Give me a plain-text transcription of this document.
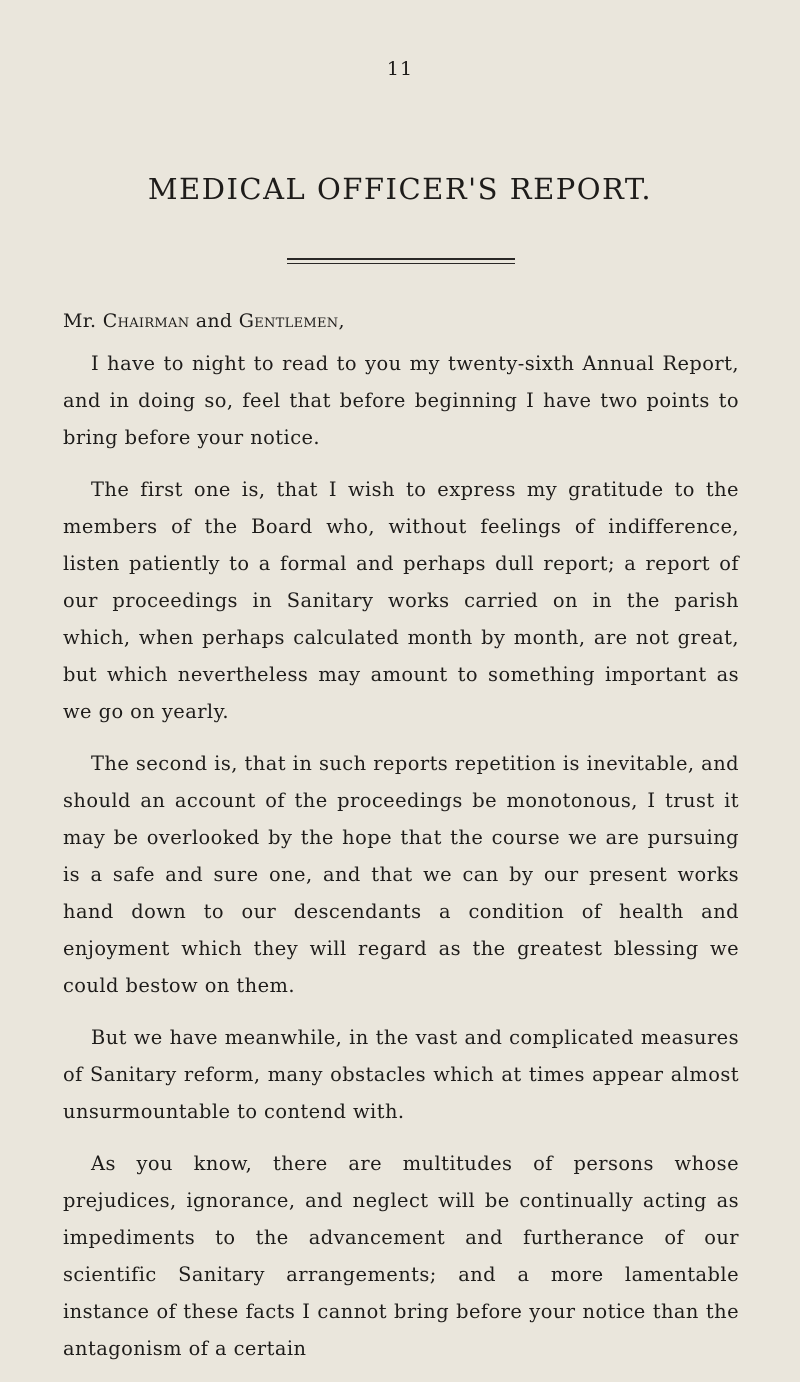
11
MEDICAL OFFICER'S REPORT.
Mr. Chairman and Gentlemen,

I have to night to read to you my twenty-sixth Annual Report, and in doing so, feel that before beginning I have two points to bring before your notice.

The first one is, that I wish to express my gratitude to the members of the Board who, without feelings of indifference, listen patiently to a formal and perhaps dull report; a report of our proceedings in Sanitary works carried on in the parish which, when perhaps calculated month by month, are not great, but which nevertheless may amount to something important as we go on yearly.

The second is, that in such reports repetition is inevitable, and should an account of the proceedings be monotonous, I trust it may be overlooked by the hope that the course we are pursuing is a safe and sure one, and that we can by our present works hand down to our descendants a condition of health and enjoyment which they will regard as the greatest blessing we could bestow on them.

But we have meanwhile, in the vast and complicated measures of Sanitary reform, many obstacles which at times appear almost unsurmountable to contend with.

As you know, there are multitudes of persons whose prejudices, ignorance, and neglect will be continually acting as impediments to the advancement and furtherance of our scientific Sanitary arrangements; and a more lamentable instance of these facts I cannot bring before your notice than the antagonism of a certain
